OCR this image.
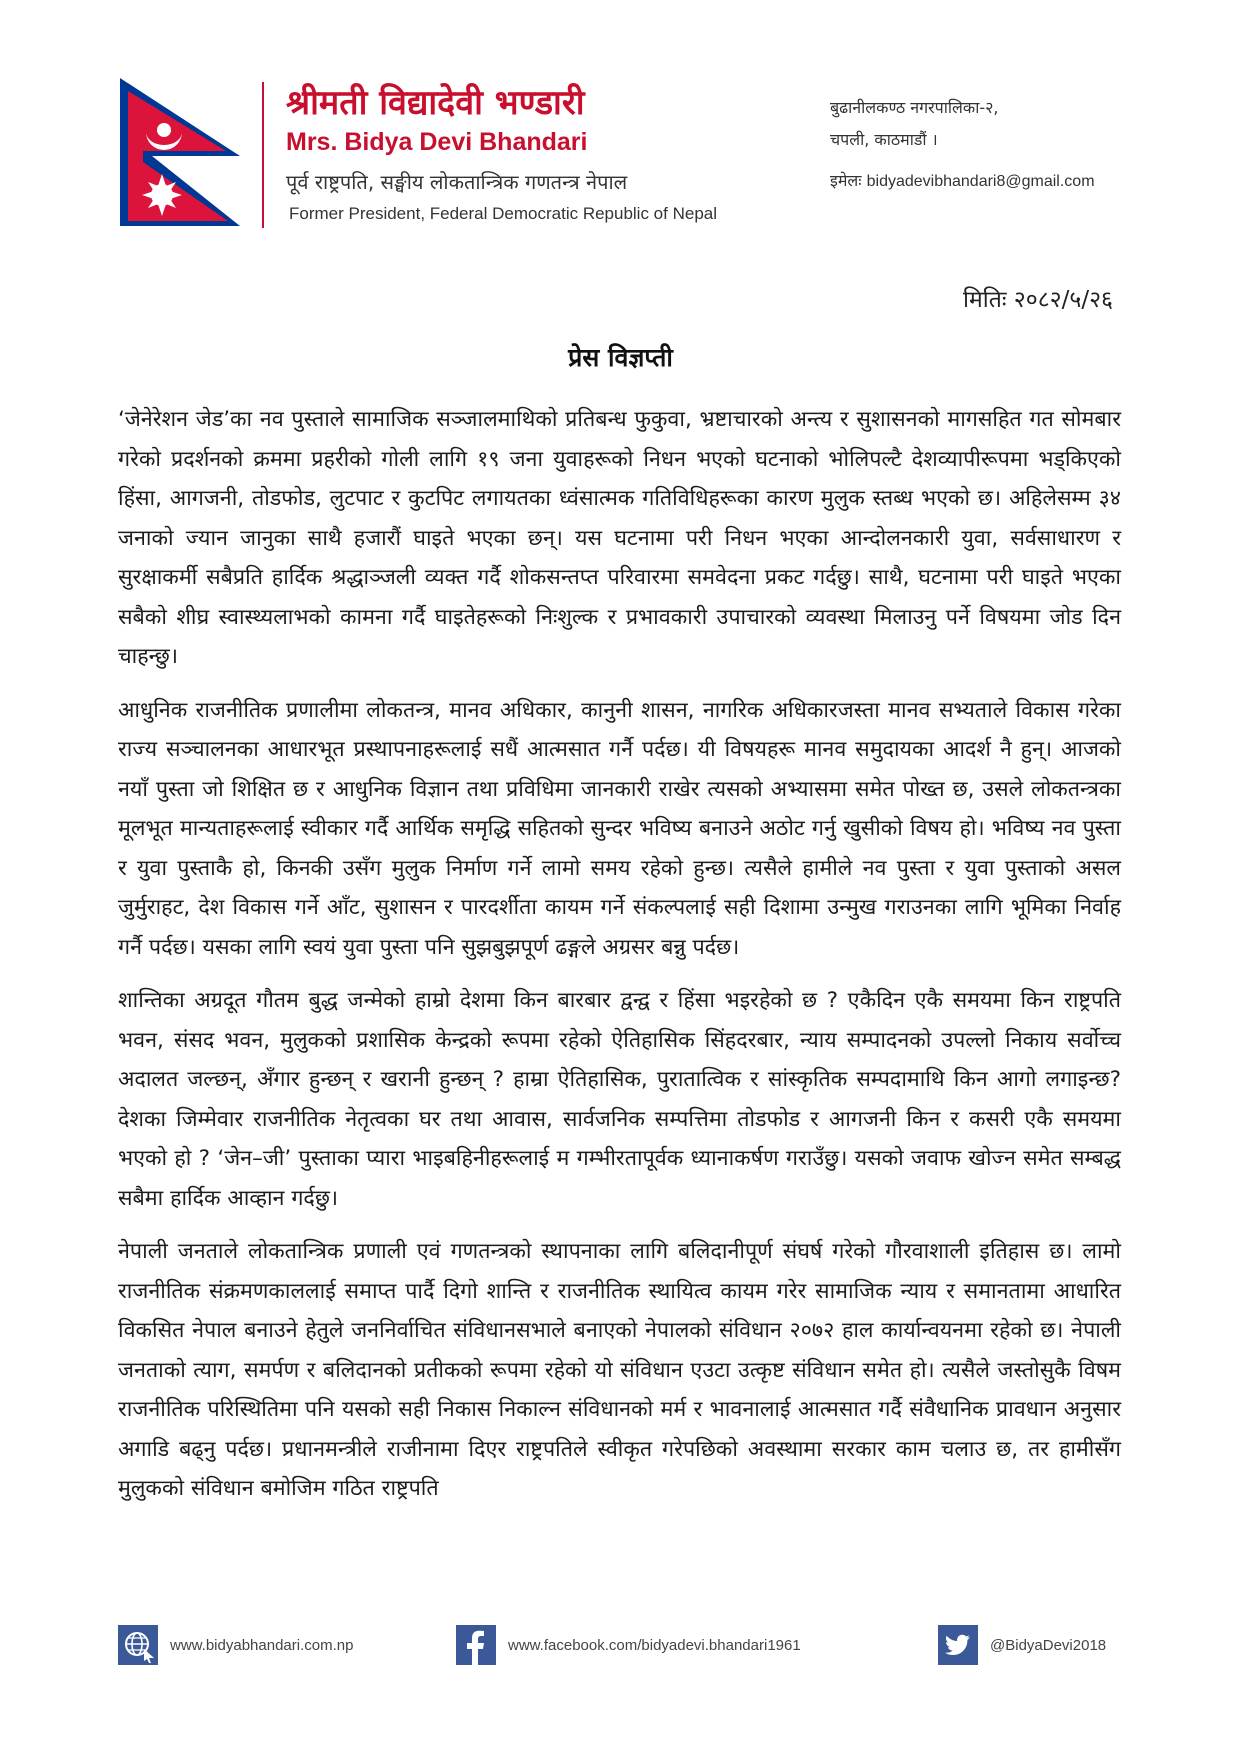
श्रीमती विद्यादेवी भण्डारी
Mrs. Bidya Devi Bhandari
पूर्व राष्ट्रपति, सङ्घीय लोकतान्त्रिक गणतन्त्र नेपाल
Former President, Federal Democratic Republic of Nepal
बुढानीलकण्ठ नगरपालिका-२,
चपली, काठमाडौं ।
इमेलः bidyadevibhandari8@gmail.com
मितिः २०८२/५/२६
प्रेस विज्ञप्ती

‘जेनेरेशन जेड’का नव पुस्ताले सामाजिक सञ्जालमाथिको प्रतिबन्ध फुकुवा, भ्रष्टाचारको अन्त्य र सुशासनको मागसहित गत सोमबार गरेको प्रदर्शनको क्रममा प्रहरीको गोली लागि १९ जना युवाहरूको निधन भएको घटनाको भोलिपल्टै देशव्यापीरूपमा भड्किएको हिंसा, आगजनी, तोडफोड, लुटपाट र कुटपिट लगायतका ध्वंसात्मक गतिविधिहरूका कारण मुलुक स्तब्ध भएको छ। अहिलेसम्म ३४ जनाको ज्यान जानुका साथै हजारौं घाइते भएका छन्। यस घटनामा परी निधन भएका आन्दोलनकारी युवा, सर्वसाधारण र सुरक्षाकर्मी सबैप्रति हार्दिक श्रद्धाञ्जली व्यक्त गर्दै शोकसन्तप्त परिवारमा समवेदना प्रकट गर्दछु। साथै, घटनामा परी घाइते भएका सबैको शीघ्र स्वास्थ्यलाभको कामना गर्दै घाइतेहरूको निःशुल्क र प्रभावकारी उपाचारको व्यवस्था मिलाउनु पर्ने विषयमा जोड दिन चाहन्छु।

आधुनिक राजनीतिक प्रणालीमा लोकतन्त्र, मानव अधिकार, कानुनी शासन, नागरिक अधिकारजस्ता मानव सभ्यताले विकास गरेका राज्य सञ्चालनका आधारभूत प्रस्थापनाहरूलाई सधैं आत्मसात गर्नै पर्दछ। यी विषयहरू मानव समुदायका आदर्श नै हुन्। आजको नयाँ पुस्ता जो शिक्षित छ र आधुनिक विज्ञान तथा प्रविधिमा जानकारी राखेर त्यसको अभ्यासमा समेत पोख्त छ, उसले लोकतन्त्रका मूलभूत मान्यताहरूलाई स्वीकार गर्दै आर्थिक समृद्धि सहितको सुन्दर भविष्य बनाउने अठोट गर्नु खुसीको विषय हो। भविष्य नव पुस्ता र युवा पुस्ताकै हो, किनकी उसँग मुलुक निर्माण गर्ने लामो समय रहेको हुन्छ। त्यसैले हामीले नव पुस्ता र युवा पुस्ताको असल जुर्मुराहट, देश विकास गर्ने आँट, सुशासन र पारदर्शीता कायम गर्ने संकल्पलाई सही दिशामा उन्मुख गराउनका लागि भूमिका निर्वाह गर्नै पर्दछ। यसका लागि स्वयं युवा पुस्ता पनि सुझबुझपूर्ण ढङ्गले अग्रसर बन्नु पर्दछ।

शान्तिका अग्रदूत गौतम बुद्ध जन्मेको हाम्रो देशमा किन बारबार द्वन्द्व र हिंसा भइरहेको छ ? एकैदिन एकै समयमा किन राष्ट्रपति भवन, संसद भवन, मुलुकको प्रशासिक केन्द्रको रूपमा रहेको ऐतिहासिक सिंहदरबार, न्याय सम्पादनको उपल्लो निकाय सर्वोच्च अदालत जल्छन्, अँगार हुन्छन् र खरानी हुन्छन् ? हाम्रा ऐतिहासिक, पुरातात्विक र सांस्कृतिक सम्पदामाथि किन आगो लगाइन्छ? देशका जिम्मेवार राजनीतिक नेतृत्वका घर तथा आवास, सार्वजनिक सम्पत्तिमा तोडफोड र आगजनी किन र कसरी एकै समयमा भएको हो ? ‘जेन–जी’ पुस्ताका प्यारा भाइबहिनीहरूलाई म गम्भीरतापूर्वक ध्यानाकर्षण गराउँछु। यसको जवाफ खोज्न समेत सम्बद्ध सबैमा हार्दिक आव्हान गर्दछु।

नेपाली जनताले लोकतान्त्रिक प्रणाली एवं गणतन्त्रको स्थापनाका लागि बलिदानीपूर्ण संघर्ष गरेको गौरवाशाली इतिहास छ। लामो राजनीतिक संक्रमणकाललाई समाप्त पार्दै दिगो शान्ति र राजनीतिक स्थायित्व कायम गरेर सामाजिक न्याय र समानतामा आधारित विकसित नेपाल बनाउने हेतुले जननिर्वाचित संविधानसभाले बनाएको नेपालको संविधान २०७२ हाल कार्यान्वयनमा रहेको छ। नेपाली जनताको त्याग, समर्पण र बलिदानको प्रतीकको रूपमा रहेको यो संविधान एउटा उत्कृष्ट संविधान समेत हो। त्यसैले जस्तोसुकै विषम राजनीतिक परिस्थितिमा पनि यसको सही निकास निकाल्न संविधानको मर्म र भावनालाई आत्मसात गर्दै संवैधानिक प्रावधान अनुसार अगाडि बढ्नु पर्दछ। प्रधानमन्त्रीले राजीनामा दिएर राष्ट्रपतिले स्वीकृत गरेपछिको अवस्थामा सरकार काम चलाउ छ, तर हामीसँग मुलुकको संविधान बमोजिम गठित राष्ट्रपति

www.bidyabhandari.com.np	www.facebook.com/bidyadevi.bhandari1961	@BidyaDevi2018
